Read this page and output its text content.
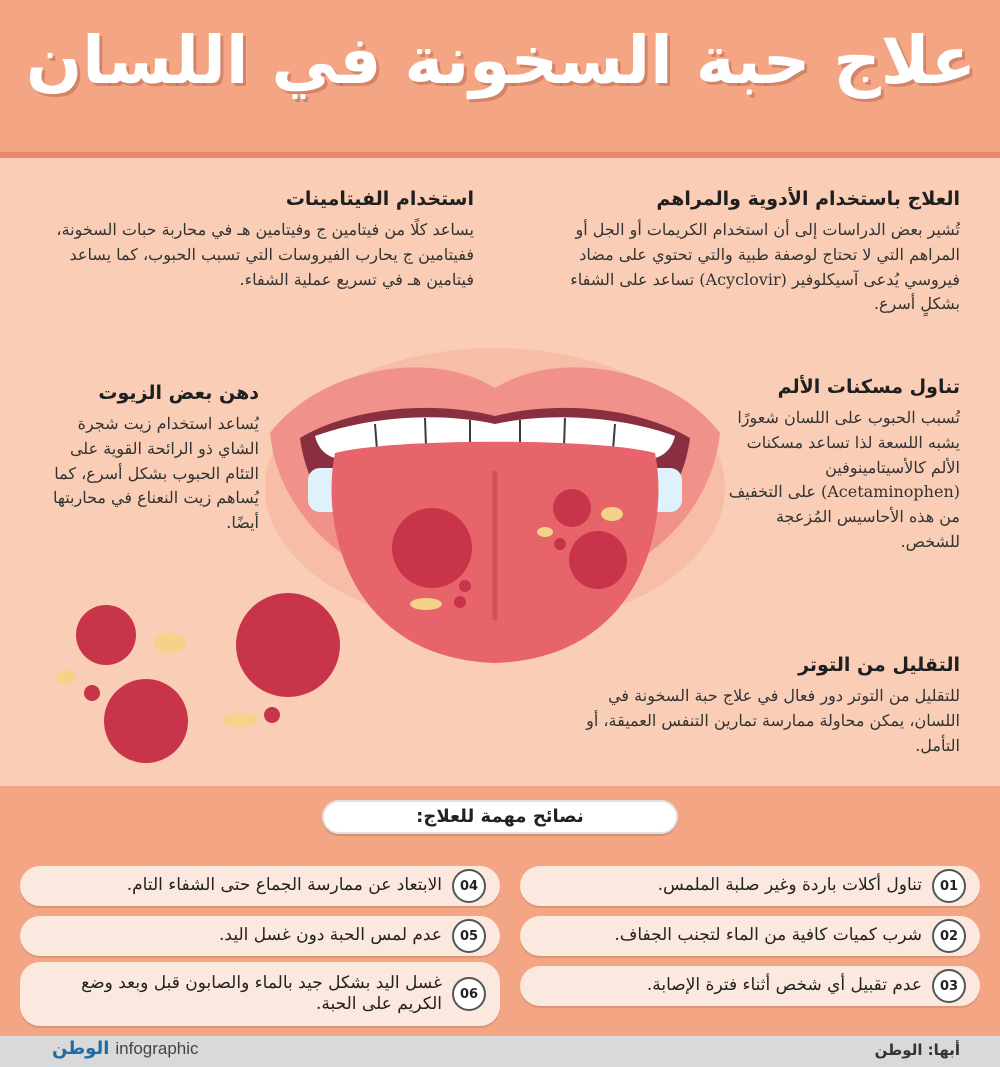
علاج حبة السخونة في اللسان
العلاج باستخدام الأدوية والمراهم

تُشير بعض الدراسات إلى أن استخدام الكريمات أو الجل أو المراهم التي لا تحتاج لوصفة طبية والتي تحتوي على مضاد فيروسي يُدعى آسيكلوفير (Acyclovir) تساعد على الشفاء بشكلٍ أسرع.

استخدام الفيتامينات

يساعد كلًا من فيتامين ج وفيتامين هـ في محاربة حبات السخونة، ففيتامين ج يحارب الفيروسات التي تسبب الحبوب، كما يساعد فيتامين هـ في تسريع عملية الشفاء.

دهن بعض الزيوت

يُساعد استخدام زيت شجرة الشاي ذو الرائحة القوية على التئام الحبوب بشكل أسرع، كما يُساهم زيت النعناع في محاربتها أيضًا.

تناول مسكنات الألم

تُسبب الحبوب على اللسان شعورًا يشبه اللسعة لذا تساعد مسكنات الألم كالأسيتامينوفين (Acetaminophen) على التخفيف من هذه الأحاسيس المُزعجة للشخص.

التقليل من التوتر

للتقليل من التوتر دور فعال في علاج حبة السخونة في اللسان، يمكن محاولة ممارسة تمارين التنفس العميقة، أو التأمل.

نصائح مهمة للعلاج:
01
تناول أكلات باردة وغير صلبة الملمس.
02
شرب كميات كافية من الماء لتجنب الجفاف.
03
عدم تقبيل أي شخص أثناء فترة الإصابة.
04
الابتعاد عن ممارسة الجماع حتى الشفاء التام.
05
عدم لمس الحبة دون غسل اليد.
06
غسل اليد بشكل جيد بالماء والصابون قبل وبعد وضع الكريم على الحبة.
الوطن infographic	أبها: الوطن
